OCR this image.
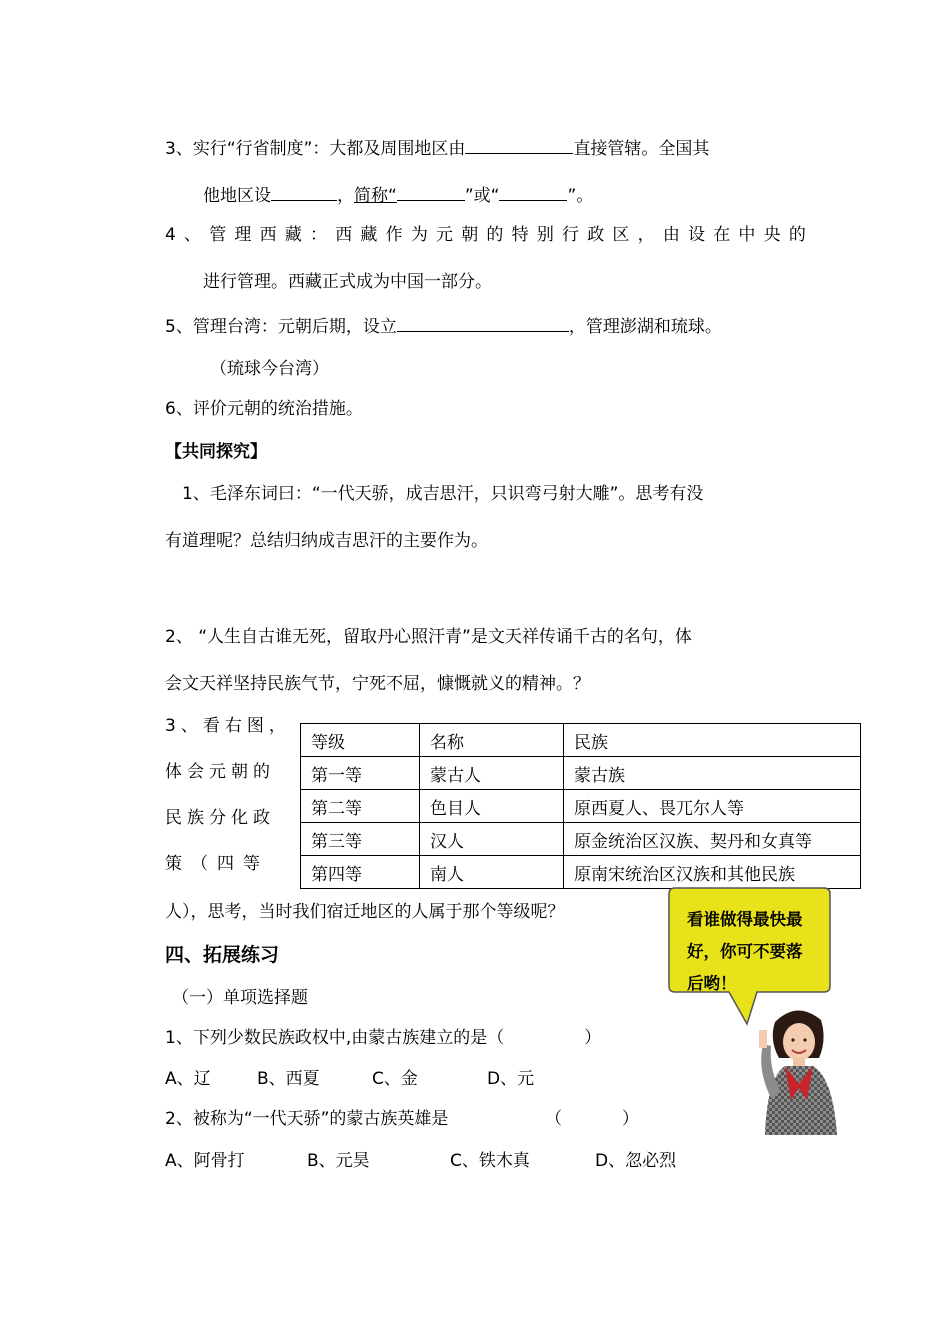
3、实行“行省制度”：大都及周围地区由	直接管辖。全国其
他地区设	，简称“	”或“	”。
4、管理西藏：西藏作为元朝的特别行政区，由设在中央的
进行管理。西藏正式成为中国一部分。
5、管理台湾：元朝后期，设立	，管理澎湖和琉球。
（琉球今台湾）
6、评价元朝的统治措施。
【共同探究】
1、毛泽东词曰：“一代天骄，成吉思汗，只识弯弓射大雕”。思考有没
有道理呢？总结归纳成吉思汗的主要作为。
2、 “人生自古谁无死，留取丹心照汗青”是文天祥传诵千古的名句，体
会文天祥坚持民族气节，宁死不屈，慷慨就义的精神。？
3、看右图，
体会元朝的
民族分化政
策（四等
人），思考，当时我们宿迁地区的人属于那个等级呢？
等级	名称	民族
第一等	蒙古人	蒙古族
第二等	色目人	原西夏人、畏兀尔人等
第三等	汉人	原金统治区汉族、契丹和女真等
第四等	南人	原南宋统治区汉族和其他民族
四、拓展练习
（一）单项选择题
1、下列少数民族政权中,由蒙古族建立的是（	）
A、辽	B、西夏	C、金	D、元
2、被称为“一代天骄”的蒙古族英雄是	（	）
A、阿骨打	B、元昊	C、铁木真	D、忽必烈
看谁做得最快最好，你可不要落后哟！
